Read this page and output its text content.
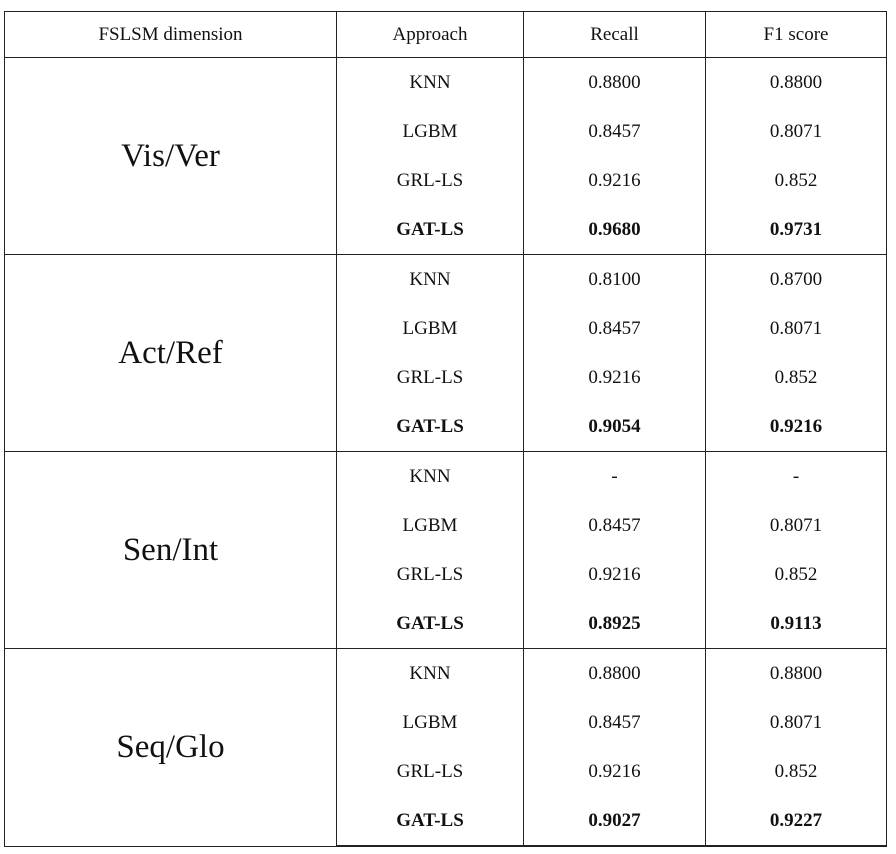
FSLSM dimension	Approach	Recall	F1 score
Vis/Ver	KNN	0.8800	0.8800
	LGBM	0.8457	0.8071
	GRL-LS	0.9216	0.852
	GAT-LS	0.9680	0.9731
Act/Ref	KNN	0.8100	0.8700
	LGBM	0.8457	0.8071
	GRL-LS	0.9216	0.852
	GAT-LS	0.9054	0.9216
Sen/Int	KNN	-	-
	LGBM	0.8457	0.8071
	GRL-LS	0.9216	0.852
	GAT-LS	0.8925	0.9113
Seq/Glo	KNN	0.8800	0.8800
	LGBM	0.8457	0.8071
	GRL-LS	0.9216	0.852
	GAT-LS	0.9027	0.9227
